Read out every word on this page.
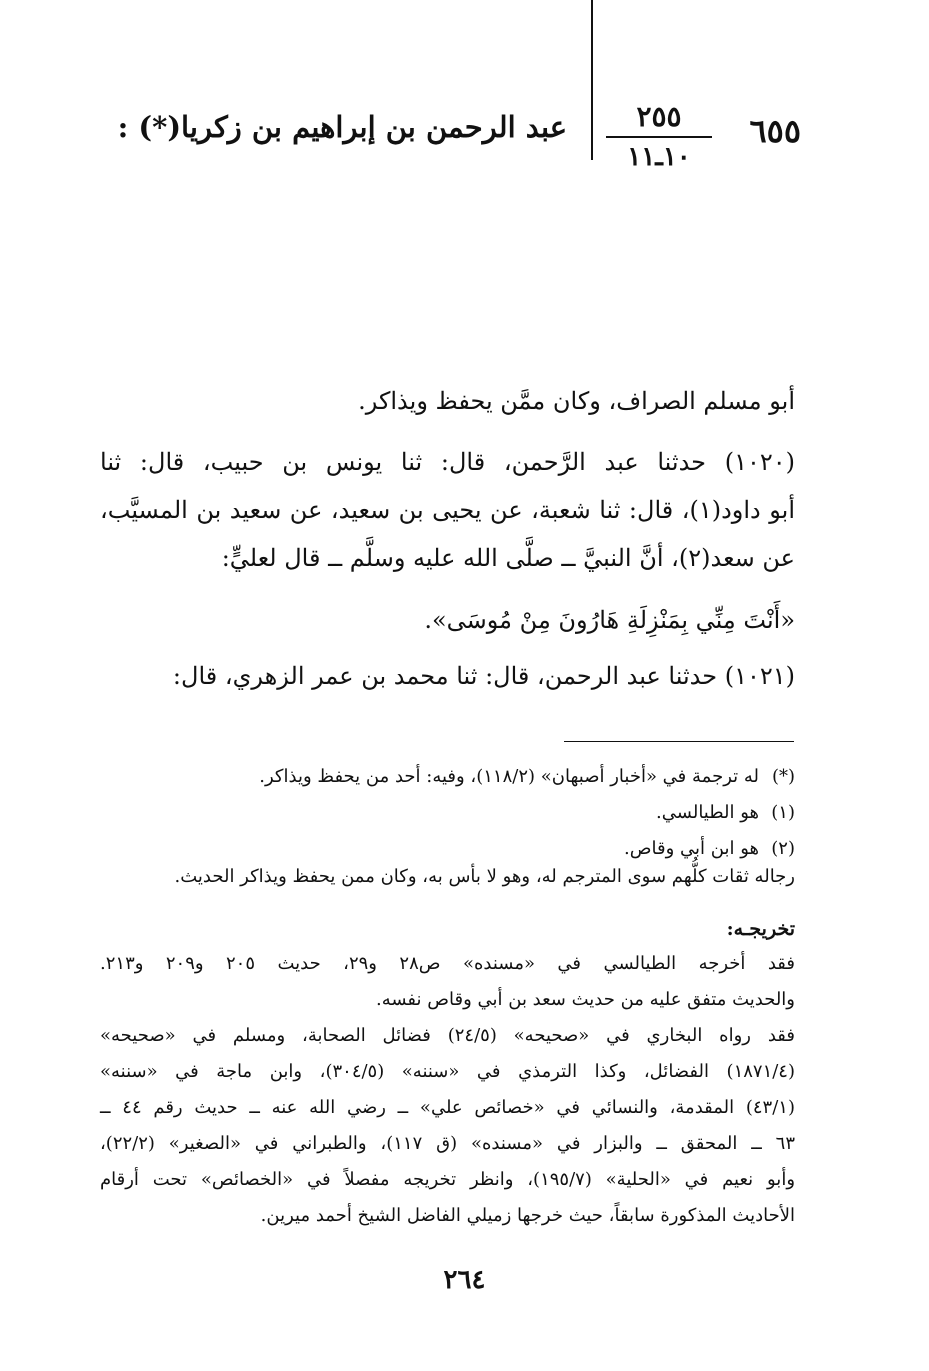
٦٥٥
٢٥٥
١٠ـ١١
عبد الرحمن بن إبراهيم بن زكريا(*) :
أبو مسلم الصراف، وكان ممَّن يحفظ ويذاكر.
(١٠٢٠) حدثنا عبد الرَّحمن، قال: ثنا يونس بن حبيب، قال: ثنا
أبو داود(١)، قال: ثنا شعبة، عن يحيى بن سعيد، عن سعيد بن المسيَّب،
عن سعد(٢)، أنَّ النبيَّ ــ صلَّى الله عليه وسلَّم ــ قال لعليٍّ:
«أَنْتَ مِنِّي بِمَنْزِلَةِ هَارُونَ مِنْ مُوسَى».
(١٠٢١) حدثنا عبد الرحمن، قال: ثنا محمد بن عمر الزهري، قال:
(*)له ترجمة في «أخبار أصبهان» (١١٨/٢)، وفيه: أحد من يحفظ ويذاكر.
(١)هو الطيالسي.
(٢)هو ابن أبي وقاص.
رجاله ثقات كلُّهم سوى المترجم له، وهو لا بأس به، وكان ممن يحفظ ويذاكر الحديث.
تخريجـه:
فقد أخرجه الطيالسي في «مسنده» ص٢٨ و٢٩، حديث ٢٠٥ و٢٠٩ و٢١٣.
والحديث متفق عليه من حديث سعد بن أبي وقاص نفسه.
فقد رواه البخاري في «صحيحه» (٢٤/٥) فضائل الصحابة، ومسلم في «صحيحه»
(١٨٧١/٤) الفضائل، وكذا الترمذي في «سننه» (٣٠٤/٥)، وابن ماجة في «سننه»
(٤٣/١) المقدمة، والنسائي في «خصائص علي» ــ رضي الله عنه ــ حديث رقم ٤٤ ــ
٦٣ ــ المحقق ــ والبزار في «مسنده» (ق ١١٧)، والطبراني في «الصغير» (٢٢/٢)،
وأبو نعيم في «الحلية» (١٩٥/٧)، وانظر تخريجه مفصلاً في «الخصائص» تحت أرقام
الأحاديث المذكورة سابقاً، حيث خرجها زميلي الفاضل الشيخ أحمد ميرين.
٢٦٤
